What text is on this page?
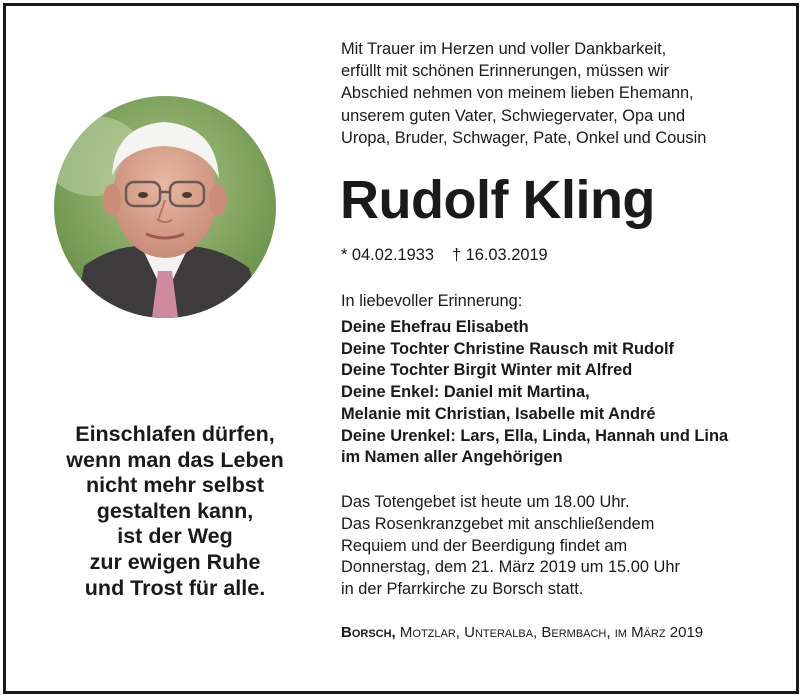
Einschlafen dürfen,
wenn man das Leben
nicht mehr selbst
gestalten kann,
ist der Weg
zur ewigen Ruhe
und Trost für alle.
Mit Trauer im Herzen und voller Dankbarkeit,
erfüllt mit schönen Erinnerungen, müssen wir
Abschied nehmen von meinem lieben Ehemann,
unserem guten Vater, Schwiegervater, Opa und
Uropa, Bruder, Schwager, Pate, Onkel und Cousin
Rudolf Kling
* 04.02.1933 † 16.03.2019
In liebevoller Erinnerung:
Deine Ehefrau Elisabeth
Deine Tochter Christine Rausch mit Rudolf
Deine Tochter Birgit Winter mit Alfred
Deine Enkel: Daniel mit Martina,
Melanie mit Christian, Isabelle mit André
Deine Urenkel: Lars, Ella, Linda, Hannah und Lina
im Namen aller Angehörigen
Das Totengebet ist heute um 18.00 Uhr.
Das Rosenkranzgebet mit anschließendem
Requiem und der Beerdigung findet am
Donnerstag, dem 21. März 2019 um 15.00 Uhr
in der Pfarrkirche zu Borsch statt.
Borsch, Motzlar, Unteralba, Bermbach, im März 2019
